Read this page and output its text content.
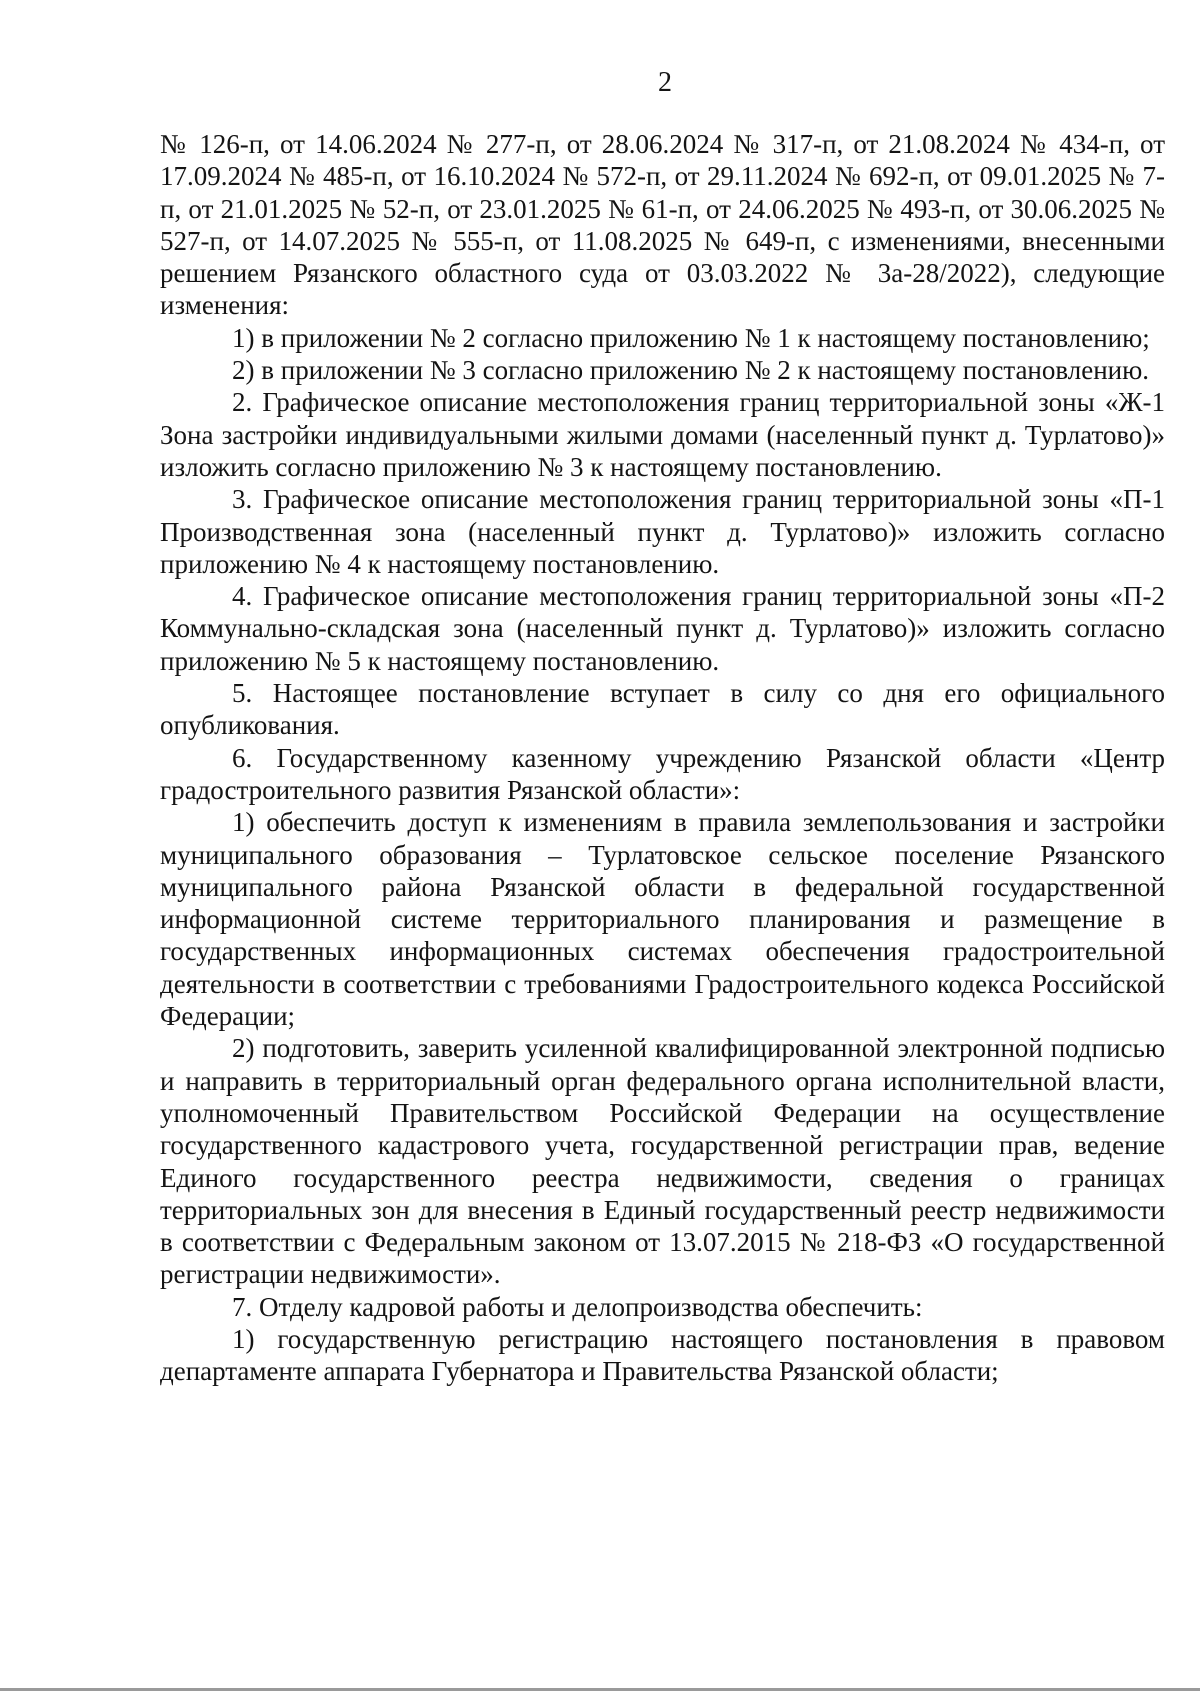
2

№ 126-п, от 14.06.2024 № 277-п, от 28.06.2024 № 317-п, от 21.08.2024 № 434-п, от 17.09.2024 № 485-п, от 16.10.2024 № 572-п, от 29.11.2024 № 692-п, от 09.01.2025 № 7-п, от 21.01.2025 № 52-п, от 23.01.2025 № 61-п, от 24.06.2025 № 493-п, от 30.06.2025 № 527-п, от 14.07.2025 № 555-п, от 11.08.2025 № 649-п, с изменениями, внесенными решением Рязанского областного суда от 03.03.2022 № 3а-28/2022), следующие изменения:

1) в приложении № 2 согласно приложению № 1 к настоящему постановлению;

2) в приложении № 3 согласно приложению № 2 к настоящему постановлению.

2. Графическое описание местоположения границ территориальной зоны «Ж-1 Зона застройки индивидуальными жилыми домами (населенный пункт д. Турлатово)» изложить согласно приложению № 3 к настоящему постановлению.

3. Графическое описание местоположения границ территориальной зоны «П-1 Производственная зона (населенный пункт д. Турлатово)» изложить согласно приложению № 4 к настоящему постановлению.

4. Графическое описание местоположения границ территориальной зоны «П-2 Коммунально-складская зона (населенный пункт д. Турлатово)» изложить согласно приложению № 5 к настоящему постановлению.

5. Настоящее постановление вступает в силу со дня его официального опубликования.

6. Государственному казенному учреждению Рязанской области «Центр градостроительного развития Рязанской области»:

1) обеспечить доступ к изменениям в правила землепользования и застройки муниципального образования – Турлатовское сельское поселение Рязанского муниципального района Рязанской области в федеральной государственной информационной системе территориального планирования и размещение в государственных информационных системах обеспечения градостроительной деятельности в соответствии с требованиями Градостроительного кодекса Российской Федерации;

2) подготовить, заверить усиленной квалифицированной электронной подписью и направить в территориальный орган федерального органа исполнительной власти, уполномоченный Правительством Российской Федерации на осуществление государственного кадастрового учета, государственной регистрации прав, ведение Единого государственного реестра недвижимости, сведения о границах территориальных зон для внесения в Единый государственный реестр недвижимости в соответствии с Федеральным законом от 13.07.2015 № 218-ФЗ «О государственной регистрации недвижимости».

7. Отделу кадровой работы и делопроизводства обеспечить:

1) государственную регистрацию настоящего постановления в правовом департаменте аппарата Губернатора и Правительства Рязанской области;
